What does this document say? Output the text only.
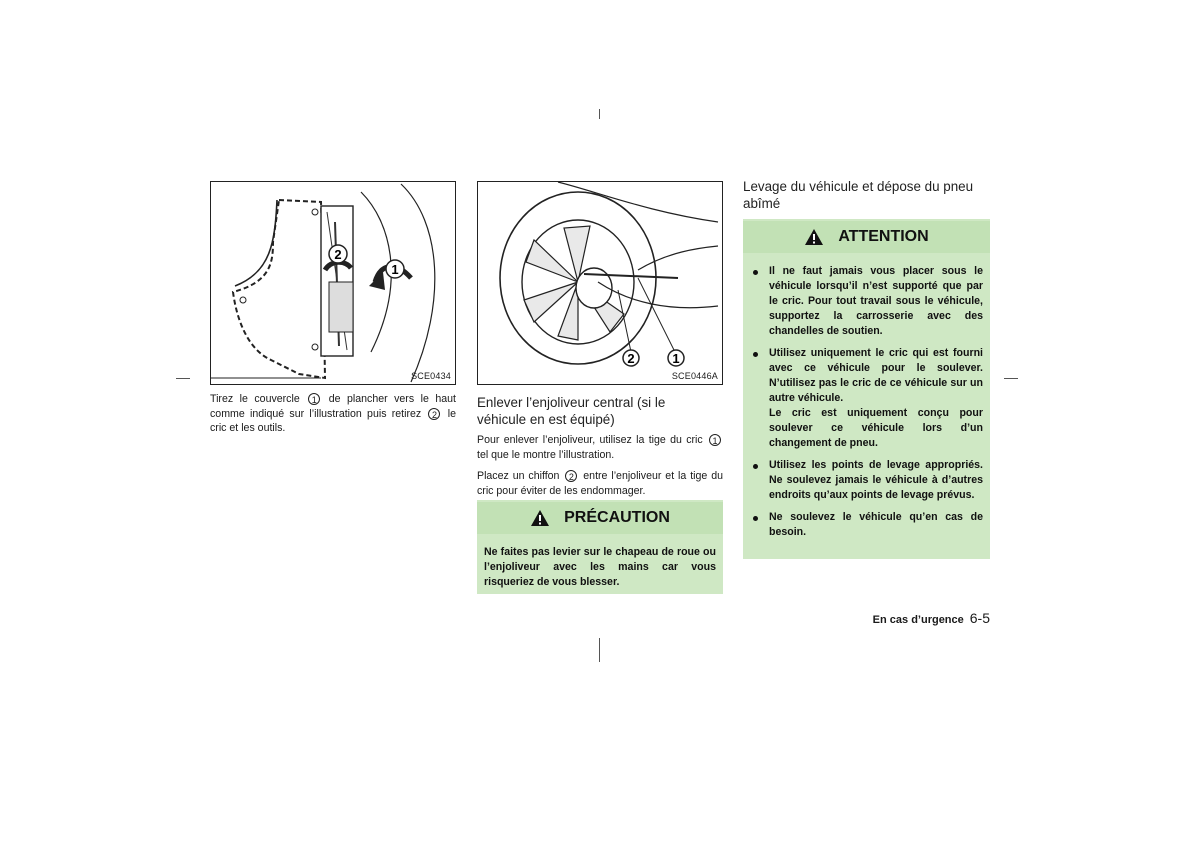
2
1
SCE0434
2	1
SCE0446A

Tirez le couvercle 1 de plancher vers le haut comme indiqué sur l’illustration puis retirez 2 le cric et les outils.

Enlever l’enjoliveur central (si le véhicule en est équipé)

Pour enlever l’enjoliveur, utilisez la tige du cric 1 tel que le montre l’illustration.

Placez un chiffon 2 entre l’enjoliveur et la tige du cric pour éviter de les endommager.

PRÉCAUTION
Ne faites pas levier sur le chapeau de roue ou l’enjoliveur avec les mains car vous risqueriez de vous blesser.
Levage du véhicule et dépose du pneu abîmé
ATTENTION
Il ne faut jamais vous placer sous le véhicule lorsqu’il n’est supporté que par le cric. Pour tout travail sous le véhicule, supportez la carrosserie avec des chandelles de soutien.
Utilisez uniquement le cric qui est fourni avec ce véhicule pour le soulever. N’utilisez pas le cric de ce véhicule sur un autre véhicule.
Le cric est uniquement conçu pour soulever ce véhicule lors d’un changement de pneu.
Utilisez les points de levage appropriés. Ne soulevez jamais le véhicule à d’autres endroits qu’aux points de levage prévus.
Ne soulevez le véhicule qu’en cas de besoin.
En cas d’urgence 6-5
